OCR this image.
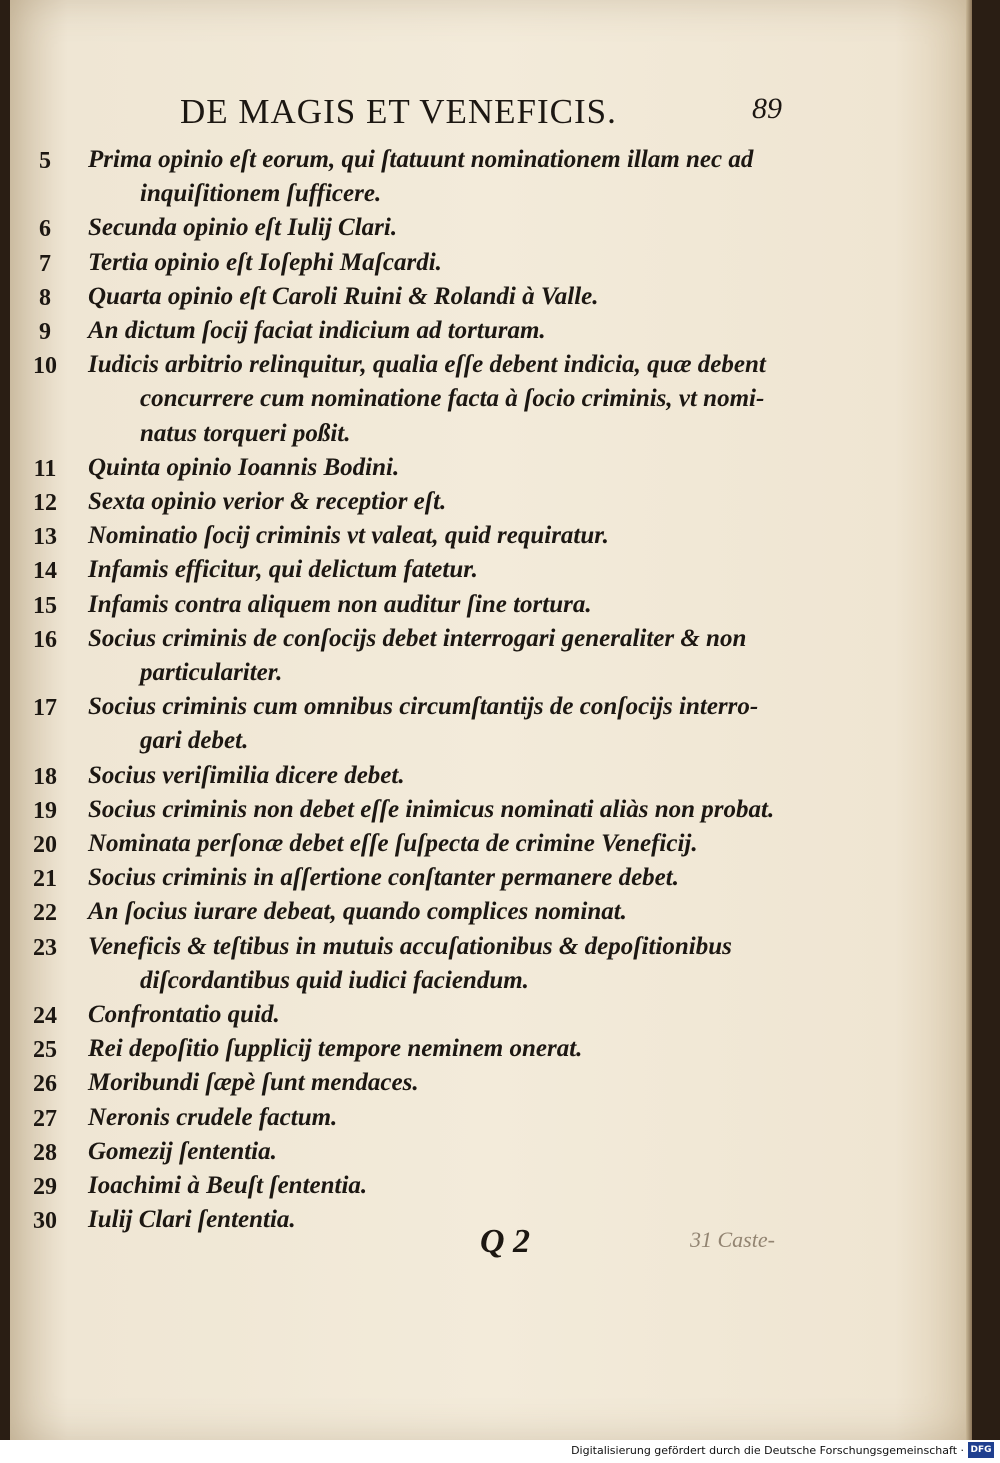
DE MAGIS ET VENEFICIS.	89
5	Prima opinio eſt eorum, qui ſtatuunt nominationem illam nec ad
inquiſitionem ſufficere.
6	Secunda opinio eſt Iulij Clari.
7	Tertia opinio eſt Ioſephi Maſcardi.
8	Quarta opinio eſt Caroli Ruini & Rolandi à Valle.
9	An dictum ſocij faciat indicium ad torturam.
10	Iudicis arbitrio relinquitur, qualia eſſe debent indicia, quæ debent
concurrere cum nominatione facta à ſocio criminis, vt nomi-
natus torqueri poßit.
11	Quinta opinio Ioannis Bodini.
12	Sexta opinio verior & receptior eſt.
13	Nominatio ſocij criminis vt valeat, quid requiratur.
14	Infamis efficitur, qui delictum fatetur.
15	Infamis contra aliquem non auditur ſine tortura.
16	Socius criminis de conſocijs debet interrogari generaliter & non
particulariter.
17	Socius criminis cum omnibus circumſtantijs de conſocijs interro-
gari debet.
18	Socius veriſimilia dicere debet.
19	Socius criminis non debet eſſe inimicus nominati aliàs non probat.
20	Nominata perſonæ debet eſſe ſuſpecta de crimine Veneficij.
21	Socius criminis in aſſertione conſtanter permanere debet.
22	An ſocius iurare debeat, quando complices nominat.
23	Veneficis & teſtibus in mutuis accuſationibus & depoſitionibus
diſcordantibus quid iudici faciendum.
24	Confrontatio quid.
25	Rei depoſitio ſupplicij tempore neminem onerat.
26	Moribundi ſæpè ſunt mendaces.
27	Neronis crudele factum.
28	Gomezij ſententia.
29	Ioachimi à Beuſt ſententia.
30	Iulij Clari ſententia.
Q 2	31 Caste-
Digitalisierung gefördert durch die Deutsche Forschungsgemeinschaft · DFG
